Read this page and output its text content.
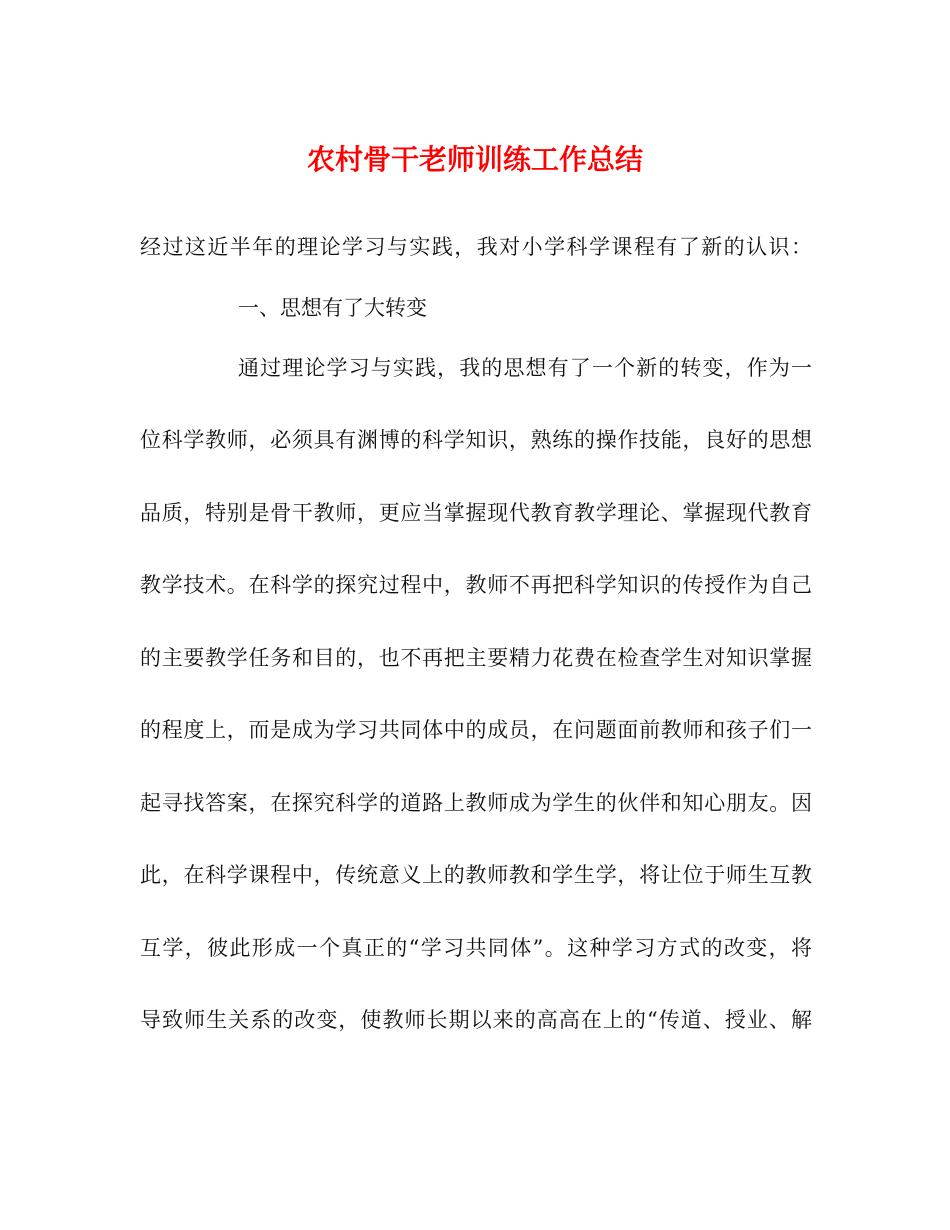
农村骨干老师训练工作总结
经过这近半年的理论学习与实践，我对小学科学课程有了新的认识：
一、思想有了大转变
通过理论学习与实践，我的思想有了一个新的转变，作为一
位科学教师，必须具有渊博的科学知识，熟练的操作技能，良好的思想
品质，特别是骨干教师，更应当掌握现代教育教学理论、掌握现代教育
教学技术。在科学的探究过程中，教师不再把科学知识的传授作为自己
的主要教学任务和目的，也不再把主要精力花费在检查学生对知识掌握
的程度上，而是成为学习共同体中的成员，在问题面前教师和孩子们一
起寻找答案，在探究科学的道路上教师成为学生的伙伴和知心朋友。因
此，在科学课程中，传统意义上的教师教和学生学，将让位于师生互教
互学，彼此形成一个真正的“学习共同体”。这种学习方式的改变，将
导致师生关系的改变，使教师长期以来的高高在上的“传道、授业、解
